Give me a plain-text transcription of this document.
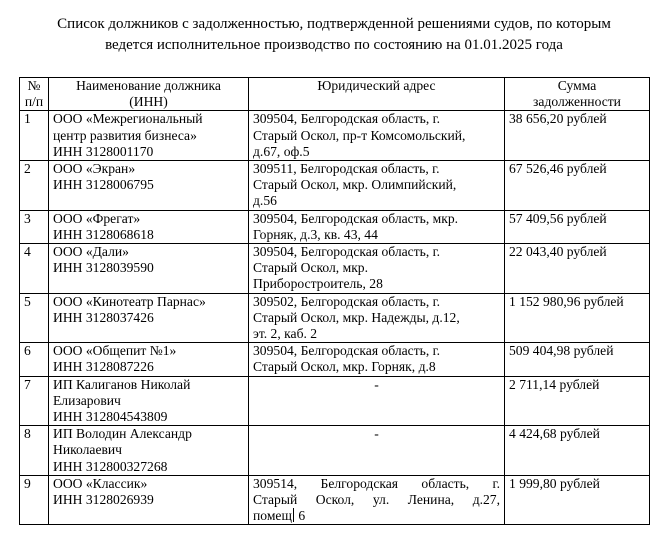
Список должников с задолженностью, подтвержденной решениями судов, по которым
ведется исполнительное производство по состоянию на 01.01.2025 года
№
п/п	Наименование должника
(ИНН)	Юридический адрес	Сумма
задолженности

1	ООО «Межрегиональный
центр развития бизнеса»
ИНН 3128001170	309504, Белгородская область, г.
Старый Оскол, пр-т Комсомольский,
д.67, оф.5	38 656,20 рублей
2	ООО «Экран»
ИНН 3128006795	309511, Белгородская область, г.
Старый Оскол, мкр. Олимпийский,
д.56	67 526,46 рублей
3	ООО «Фрегат»
ИНН 3128068618	309504, Белгородская область, мкр.
Горняк, д.3, кв. 43, 44	57 409,56 рублей
4	ООО «Дали»
ИНН 3128039590	309504, Белгородская область, г.
Старый Оскол, мкр.
Приборостроитель, 28	22 043,40 рублей
5	ООО «Кинотеатр Парнас»
ИНН 3128037426	309502, Белгородская область, г.
Старый Оскол, мкр. Надежды, д.12,
эт. 2, каб. 2	1 152 980,96 рублей
6	ООО «Общепит №1»
ИНН 3128087226	309504, Белгородская область, г.
Старый Оскол, мкр. Горняк, д.8	509 404,98 рублей
7	ИП Калиганов Николай
Елизарович
ИНН 312804543809	-	2 711,14 рублей
8	ИП Володин Александр
Николаевич
ИНН 312800327268	-	4 424,68 рублей
9	ООО «Классик»
ИНН 3128026939	309514, Белгородская область, г.
Старый Оскол, ул. Ленина, д.27,
помещ 6	1 999,80 рублей
